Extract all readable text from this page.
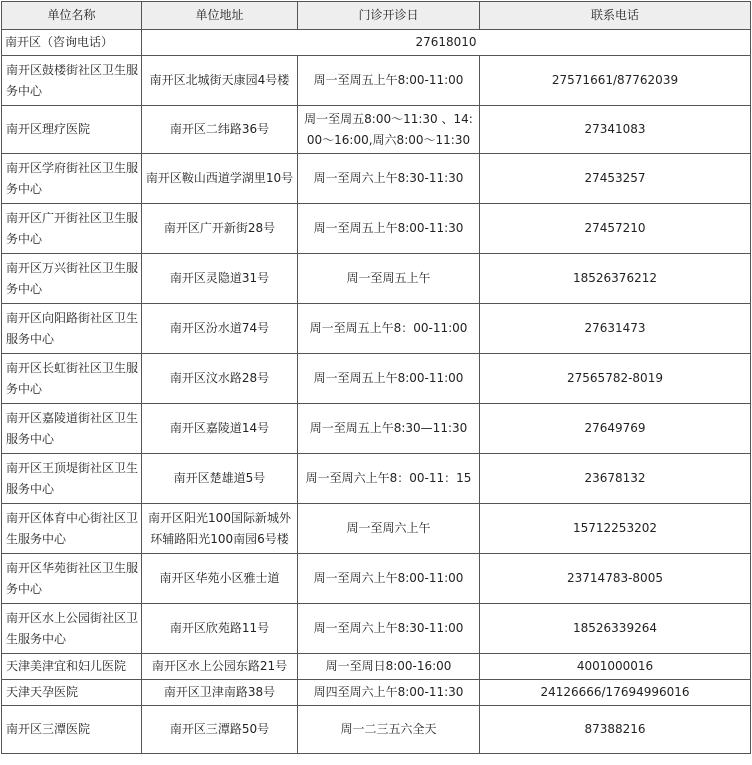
单位名称	单位地址	门诊开诊日	联系电话
南开区（咨询电话）	27618010		
南开区鼓楼街社区卫生服务中心	南开区北城街天康园4号楼	周一至周五上午8:00-11:00	27571661/87762039
南开区理疗医院	南开区二纬路36号	周一至周五8:00～11:30 、14:00～16:00,周六8:00～11:30	27341083
南开区学府街社区卫生服务中心	南开区鞍山西道学湖里10号	周一至周六上午8:30-11:30	27453257
南开区广开街社区卫生服务中心	南开区广开新街28号	周一至周五上午8:00-11:30	27457210
南开区万兴街社区卫生服务中心	南开区灵隐道31号	周一至周五上午	18526376212
南开区向阳路街社区卫生服务中心	南开区汾水道74号	周一至周五上午8：00-11:00	27631473
南开区长虹街社区卫生服务中心	南开区汶水路28号	周一至周五上午8:00-11:00	27565782-8019
南开区嘉陵道街社区卫生服务中心	南开区嘉陵道14号	周一至周五上午8:30—11:30	27649769
南开区王顶堤街社区卫生服务中心	南开区楚雄道5号	周一至周六上午8：00-11：15	23678132
南开区体育中心街社区卫生服务中心	南开区阳光100国际新城外环辅路阳光100南园6号楼	周一至周六上午	15712253202
南开区华苑街社区卫生服务中心	南开区华苑小区雅士道	周一至周六上午8:00-11:00	23714783-8005
南开区水上公园街社区卫生服务中心	南开区欣苑路11号	周一至周六上午8:30-11:00	18526339264
天津美津宜和妇儿医院	南开区水上公园东路21号	周一至周日8:00-16:00	4001000016
天津天孕医院	南开区卫津南路38号	周四至周六上午8:00-11:30	24126666/17694996016
南开区三潭医院	南开区三潭路50号	周一二三五六全天	87388216
